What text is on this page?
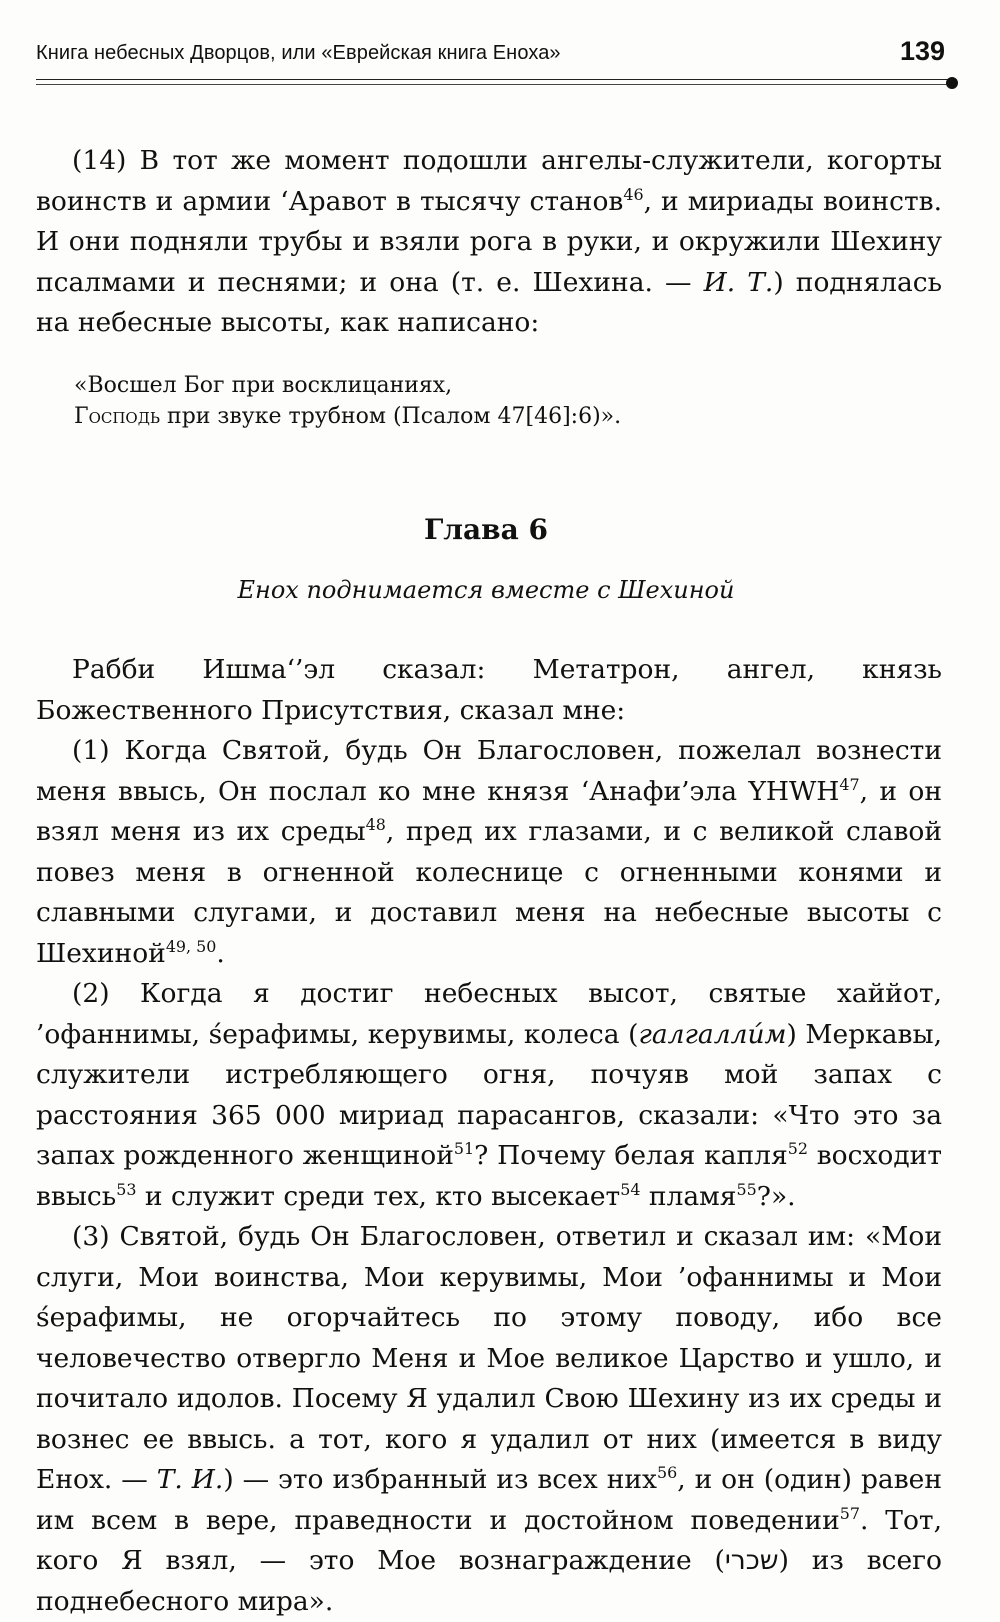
Книга небесных Дворцов, или «Еврейская книга Еноха»	139

(14) В тот же момент подошли ангелы-служители, когорты воинств и армии ‘Аравот в тысячу станов$^{46}$, и мириады воинств. И они подняли трубы и взяли рога в руки, и окружили Шехину псалмами и песнями; и она (т. е. Шехина. — И. Т.) поднялась на небесные высоты, как написано:

«Восшел Бог при восклицаниях,
Господь при звуке трубном (Псалом 47[46]:6)».
Глава 6
Енох поднимается вместе с Шехиной

Рабби Ишма‘’эл сказал: Метатрон, ангел, князь Божественного Присутствия, сказал мне:

(1) Когда Святой, будь Он Благословен, пожелал вознести меня ввысь, Он послал ко мне князя ‘Анафи’эла YHWH$^{47}$, и он взял меня из их среды$^{48}$, пред их глазами, и с великой славой повез меня в огненной колеснице с огненными конями и славными слугами, и доставил меня на небесные высоты с Шехиной$^{49, 50}$.

(2) Когда я достиг небесных высот, святые хаййот, ’офаннимы, śерафимы, керувимы, колеса (галгаллúм) Меркавы, служители истребляющего огня, почуяв мой запах с расстояния 365 000 мириад парасангов, сказали: «Что это за запах рожденного женщиной$^{51}$? Почему белая капля$^{52}$ восходит ввысь$^{53}$ и служит среди тех, кто высекает$^{54}$ пламя$^{55}$?».

(3) Святой, будь Он Благословен, ответил и сказал им: «Мои слуги, Мои воинства, Мои керувимы, Мои ’офаннимы и Мои śерафимы, не огорчайтесь по этому поводу, ибо все человечество отвергло Меня и Мое великое Царство и ушло, и почитало идолов. Посему Я удалил Свою Шехину из их среды и вознес ее ввысь. а тот, кого я удалил от них (имеется в виду Енох. — Т. И.) — это избранный из всех них$^{56}$, и он (один) равен им всем в вере, праведности и достойном поведении$^{57}$. Тот, кого Я взял, — это Мое вознаграждение (שכרי) из всего поднебесного мира».
